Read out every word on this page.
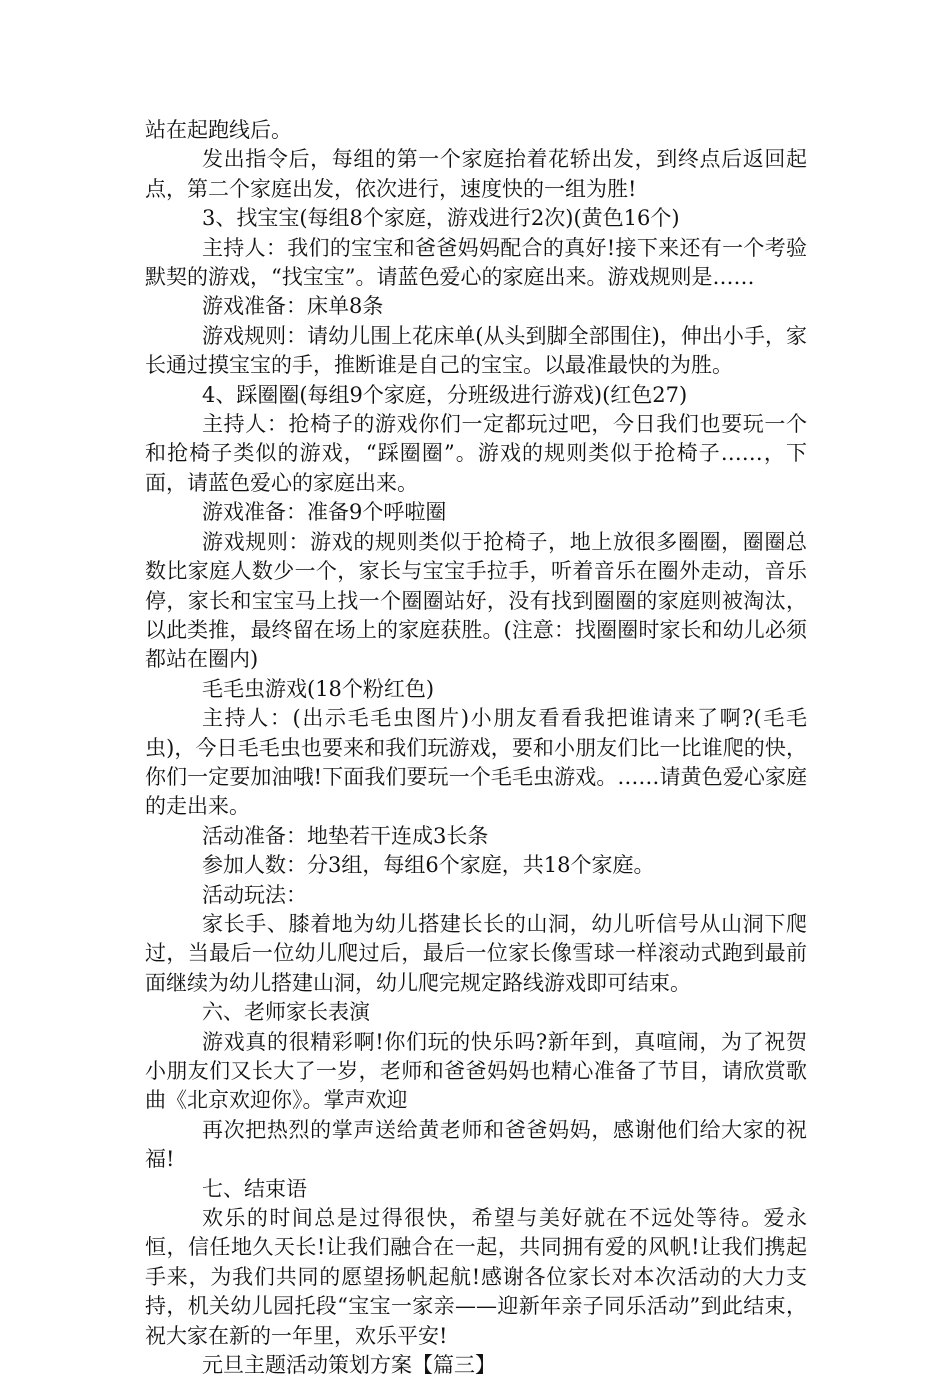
站在起跑线后。

发出指令后，每组的第一个家庭抬着花轿出发，到终点后返回起点，第二个家庭出发，依次进行，速度快的一组为胜!

3、找宝宝(每组8个家庭，游戏进行2次)(黄色16个)

主持人：我们的宝宝和爸爸妈妈配合的真好!接下来还有一个考验默契的游戏，“找宝宝”。请蓝色爱心的家庭出来。游戏规则是……

游戏准备：床单8条

游戏规则：请幼儿围上花床单(从头到脚全部围住)，伸出小手，家长通过摸宝宝的手，推断谁是自己的宝宝。以最准最快的为胜。

4、踩圈圈(每组9个家庭，分班级进行游戏)(红色27)

主持人：抢椅子的游戏你们一定都玩过吧，今日我们也要玩一个和抢椅子类似的游戏，“踩圈圈”。游戏的规则类似于抢椅子……，下面，请蓝色爱心的家庭出来。

游戏准备：准备9个呼啦圈

游戏规则：游戏的规则类似于抢椅子，地上放很多圈圈，圈圈总数比家庭人数少一个，家长与宝宝手拉手，听着音乐在圈外走动，音乐停，家长和宝宝马上找一个圈圈站好，没有找到圈圈的家庭则被淘汰，以此类推，最终留在场上的家庭获胜。(注意：找圈圈时家长和幼儿必须都站在圈内)

毛毛虫游戏(18个粉红色)

主持人：(出示毛毛虫图片)小朋友看看我把谁请来了啊?(毛毛虫)，今日毛毛虫也要来和我们玩游戏，要和小朋友们比一比谁爬的快，你们一定要加油哦!下面我们要玩一个毛毛虫游戏。……请黄色爱心家庭的走出来。

活动准备：地垫若干连成3长条

参加人数：分3组，每组6个家庭，共18个家庭。

活动玩法：

家长手、膝着地为幼儿搭建长长的山洞，幼儿听信号从山洞下爬过，当最后一位幼儿爬过后，最后一位家长像雪球一样滚动式跑到最前面继续为幼儿搭建山洞，幼儿爬完规定路线游戏即可结束。

六、老师家长表演

游戏真的很精彩啊!你们玩的快乐吗?新年到，真喧闹，为了祝贺小朋友们又长大了一岁，老师和爸爸妈妈也精心准备了节目，请欣赏歌曲《北京欢迎你》。掌声欢迎

再次把热烈的掌声送给黄老师和爸爸妈妈，感谢他们给大家的祝福!

七、结束语

欢乐的时间总是过得很快，希望与美好就在不远处等待。爱永恒，信任地久天长!让我们融合在一起，共同拥有爱的风帆!让我们携起手来，为我们共同的愿望扬帆起航!感谢各位家长对本次活动的大力支持，机关幼儿园托段“宝宝一家亲——迎新年亲子同乐活动”到此结束，祝大家在新的一年里，欢乐平安!

元旦主题活动策划方案【篇三】
